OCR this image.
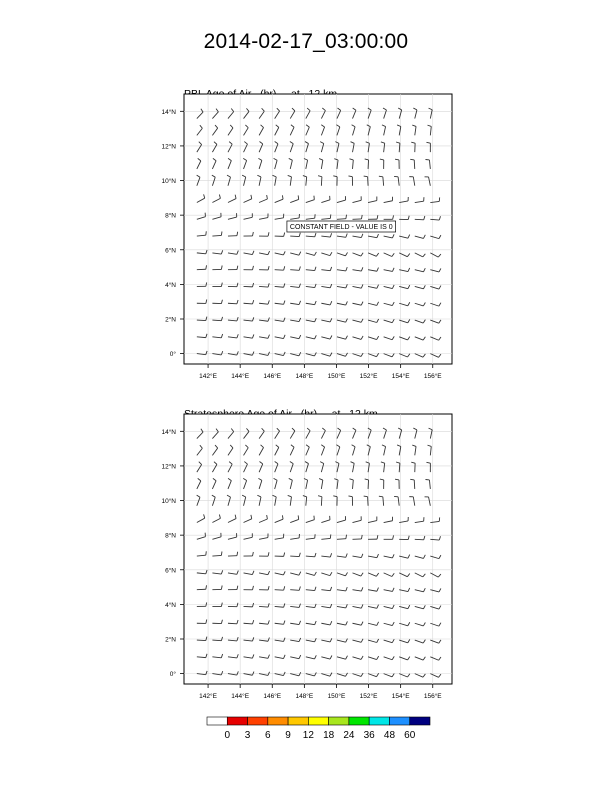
2014-02-17_03:00:00

142°E 144°E 146°E 148°E 150°E 152°E 154°E 156°E
0°
2°N
4°N
6°N
8°N
10°N
12°N
14°N
CONSTANT FIELD - VALUE IS 0
142°E 144°E 146°E 148°E 150°E 152°E 154°E 156°E
0°
2°N
4°N
6°N
8°N
10°N
12°N
14°N
0 3 6 9 12 18 24 36 48 60
